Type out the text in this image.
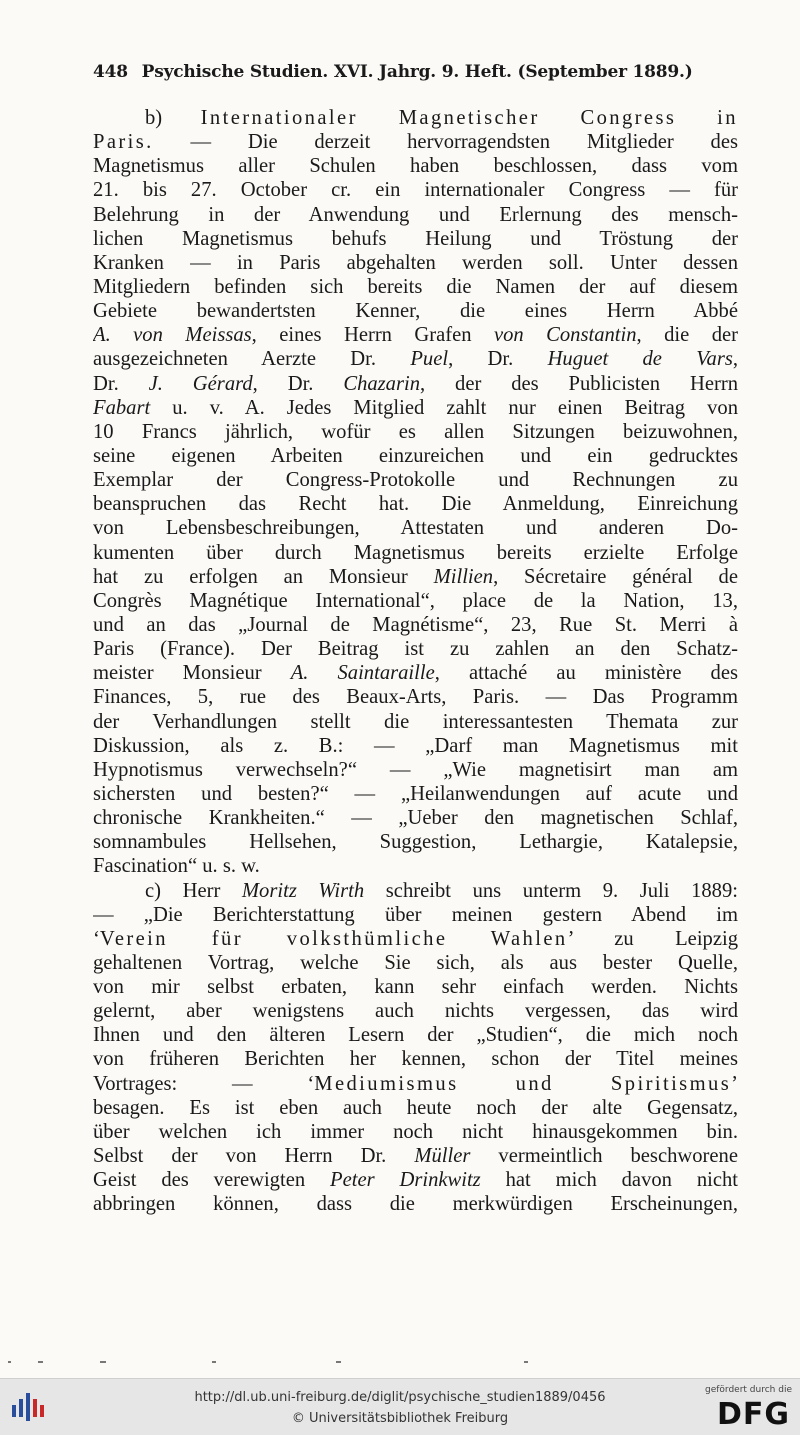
448 Psychische Studien. XVI. Jahrg. 9. Heft. (September 1889.)
b) Internationaler Magnetischer Congress in
Paris. — Die derzeit hervorragendsten Mitglieder des
Magnetismus aller Schulen haben beschlossen, dass vom
21. bis 27. October cr. ein internationaler Congress — für
Belehrung in der Anwendung und Erlernung des mensch-
lichen Magnetismus behufs Heilung und Tröstung der
Kranken — in Paris abgehalten werden soll. Unter dessen
Mitgliedern befinden sich bereits die Namen der auf diesem
Gebiete bewandertsten Kenner, die eines Herrn Abbé
A. von Meissas, eines Herrn Grafen von Constantin, die der
ausgezeichneten Aerzte Dr. Puel, Dr. Huguet de Vars,
Dr. J. Gérard, Dr. Chazarin, der des Publicisten Herrn
Fabart u. v. A. Jedes Mitglied zahlt nur einen Beitrag von
10 Francs jährlich, wofür es allen Sitzungen beizuwohnen,
seine eigenen Arbeiten einzureichen und ein gedrucktes
Exemplar der Congress-Protokolle und Rechnungen zu
beanspruchen das Recht hat. Die Anmeldung, Einreichung
von Lebensbeschreibungen, Attestaten und anderen Do-
kumenten über durch Magnetismus bereits erzielte Erfolge
hat zu erfolgen an Monsieur Millien, Sécretaire général de
Congrès Magnétique International“, place de la Nation, 13,
und an das „Journal de Magnétisme“, 23, Rue St. Merri à
Paris (France). Der Beitrag ist zu zahlen an den Schatz-
meister Monsieur A. Saintaraille, attaché au ministère des
Finances, 5, rue des Beaux-Arts, Paris. — Das Programm
der Verhandlungen stellt die interessantesten Themata zur
Diskussion, als z. B.: — „Darf man Magnetismus mit
Hypnotismus verwechseln?“ — „Wie magnetisirt man am
sichersten und besten?“ — „Heilanwendungen auf acute und
chronische Krankheiten.“ — „Ueber den magnetischen Schlaf,
somnambules Hellsehen, Suggestion, Lethargie, Katalepsie,
Fascination“ u. s. w.
c) Herr Moritz Wirth schreibt uns unterm 9. Juli 1889:
— „Die Berichterstattung über meinen gestern Abend im
‘Verein für volksthümliche Wahlen’ zu Leipzig
gehaltenen Vortrag, welche Sie sich, als aus bester Quelle,
von mir selbst erbaten, kann sehr einfach werden. Nichts
gelernt, aber wenigstens auch nichts vergessen, das wird
Ihnen und den älteren Lesern der „Studien“, die mich noch
von früheren Berichten her kennen, schon der Titel meines
Vortrages: — ‘Mediumismus und Spiritismus’
besagen. Es ist eben auch heute noch der alte Gegensatz,
über welchen ich immer noch nicht hinausgekommen bin.
Selbst der von Herrn Dr. Müller vermeintlich beschworene
Geist des verewigten Peter Drinkwitz hat mich davon nicht
abbringen können, dass die merkwürdigen Erscheinungen,
http://dl.ub.uni-freiburg.de/diglit/psychische_studien1889/0456
© Universitätsbibliothek Freiburg
gefördert durch die
DFG
